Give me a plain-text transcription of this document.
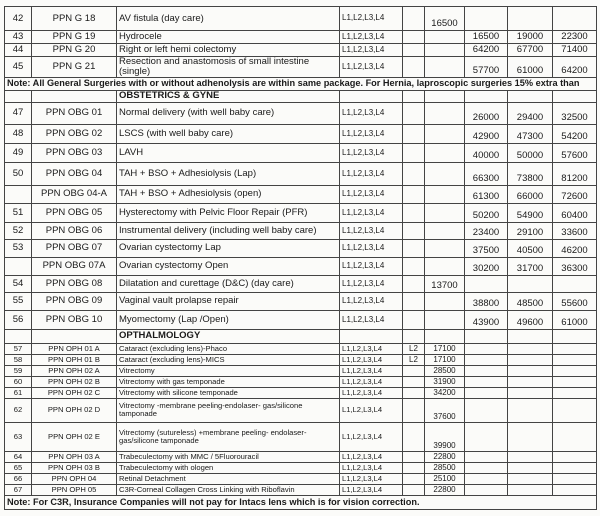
42	PPN G 18	AV fistula (day care)	L1,L2,L3,L4		16500			
43	PPN G 19	Hydrocele	L1,L2,L3,L4			16500	19000	22300
44	PPN G 20	Right or left hemi colectomy	L1,L2,L3,L4			64200	67700	71400
45	PPN G 21	Resection and anastomosis of small intestine (single)	L1,L2,L3,L4			57700	61000	64200
Note: All General Surgeries with or without adhenolysis are within same package. For Hernia, laproscopic surgeries 15% extra than								
		OBSTETRICS & GYNE						
47	PPN OBG 01	Normal delivery (with well baby care)	L1,L2,L3,L4			26000	29400	32500
48	PPN OBG 02	LSCS (with well baby care)	L1,L2,L3,L4			42900	47300	54200
49	PPN OBG 03	LAVH	L1,L2,L3,L4			40000	50000	57600
50	PPN OBG 04	TAH + BSO + Adhesiolysis (Lap)	L1,L2,L3,L4			66300	73800	81200
	PPN OBG 04-A	TAH + BSO + Adhesiolysis (open)	L1,L2,L3,L4			61300	66000	72600
51	PPN OBG 05	Hysterectomy with Pelvic Floor Repair (PFR)	L1,L2,L3,L4			50200	54900	60400
52	PPN OBG 06	Instrumental delivery (including well baby care)	L1,L2,L3,L4			23400	29100	33600
53	PPN OBG 07	Ovarian cystectomy Lap	L1,L2,L3,L4			37500	40500	46200
	PPN OBG 07A	Ovarian cystectomy Open	L1,L2,L3,L4			30200	31700	36300
54	PPN OBG 08	Dilatation and curettage (D&C) (day care)	L1,L2,L3,L4		13700			
55	PPN OBG 09	Vaginal vault prolapse repair	L1,L2,L3,L4			38800	48500	55600
56	PPN OBG 10	Myomectomy (Lap /Open)	L1,L2,L3,L4			43900	49600	61000
		OPTHALMOLOGY						
57	PPN OPH 01 A	Cataract (excluding lens)-Phaco	L1,L2,L3,L4	L2	17100			
58	PPN OPH 01 B	Cataract (excluding lens)-MICS	L1,L2,L3,L4	L2	17100			
59	PPN OPH 02 A	Vitrectomy	L1,L2,L3,L4		28500			
60	PPN OPH 02 B	Vitrectomy with gas temponade	L1,L2,L3,L4		31900			
61	PPN OPH 02 C	Vitrectomy with silicone temponade	L1,L2,L3,L4		34200			
62	PPN OPH 02 D	Vitrectomy -membrane peeling-endolaser- gas/silicone tamponade	L1,L2,L3,L4		37600			
63	PPN OPH 02 E	Vitrectomy (sutureless) +membrane peeling- endolaser- gas/silicone tamponade	L1,L2,L3,L4		39900			
64	PPN OPH 03 A	Trabeculectomy with MMC / 5Fluorouracil	L1,L2,L3,L4		22800			
65	PPN OPH 03 B	Trabeculectomy with ologen	L1,L2,L3,L4		28500			
66	PPN OPH 04	Retinal Detachment	L1,L2,L3,L4		25100			
67	PPN OPH 05	C3R-Corneal Collagen Cross Linking with Riboflavin	L1,L2,L3,L4		22800			
Note: For C3R, Insurance Companies will not pay for Intacs lens which is for vision correction.								
